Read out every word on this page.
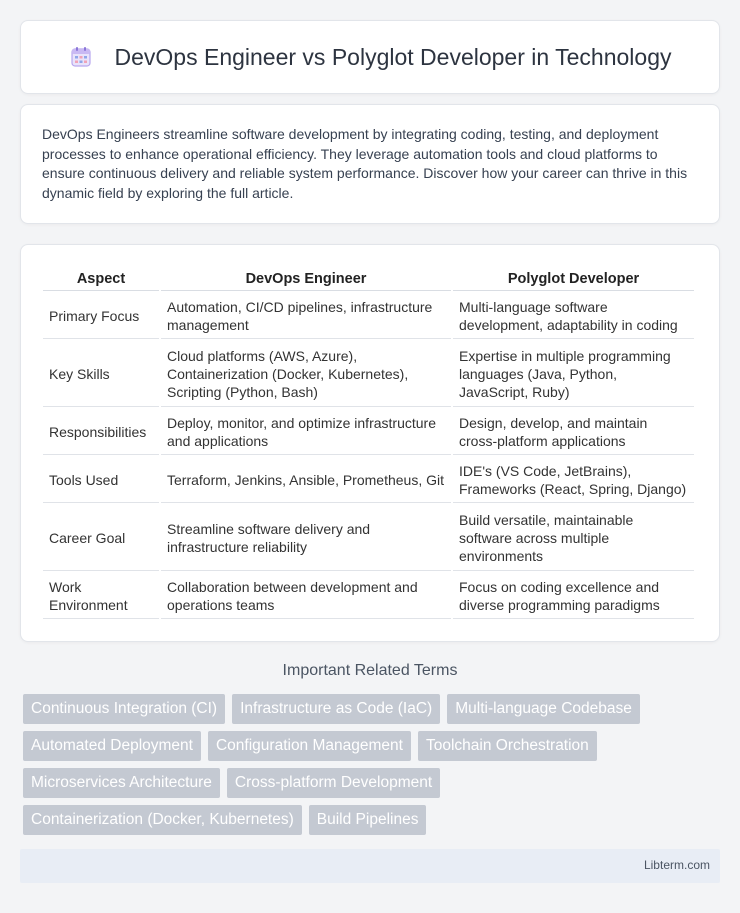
DevOps Engineer vs Polyglot Developer in Technology

DevOps Engineers streamline software development by integrating coding, testing, and deployment processes to enhance operational efficiency. They leverage automation tools and cloud platforms to ensure continuous delivery and reliable system performance. Discover how your career can thrive in this dynamic field by exploring the full article.

Aspect	DevOps Engineer	Polyglot Developer
Primary Focus	Automation, CI/CD pipelines, infrastructure management	Multi-language software development, adaptability in coding
Key Skills	Cloud platforms (AWS, Azure), Containerization (Docker, Kubernetes), Scripting (Python, Bash)	Expertise in multiple programming languages (Java, Python, JavaScript, Ruby)
Responsibilities	Deploy, monitor, and optimize infrastructure and applications	Design, develop, and maintain cross-platform applications
Tools Used	Terraform, Jenkins, Ansible, Prometheus, Git	IDE's (VS Code, JetBrains), Frameworks (React, Spring, Django)
Career Goal	Streamline software delivery and infrastructure reliability	Build versatile, maintainable software across multiple environments
Work Environment	Collaboration between development and operations teams	Focus on coding excellence and diverse programming paradigms
Important Related Terms
Continuous Integration (CI)	Infrastructure as Code (IaC)	Multi-language Codebase
Automated Deployment	Configuration Management	Toolchain Orchestration
Microservices Architecture	Cross-platform Development
Containerization (Docker, Kubernetes)	Build Pipelines
Libterm.com
